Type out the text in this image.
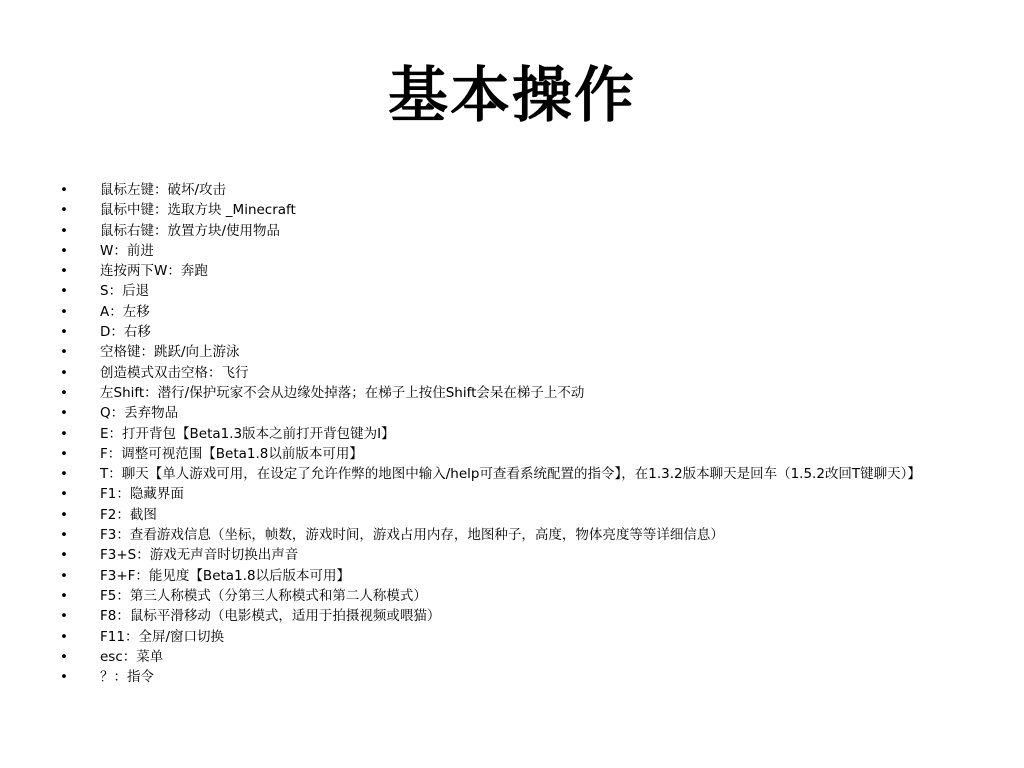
基本操作
• 鼠标左键：破坏/攻击
• 鼠标中键：选取方块 _Minecraft
• 鼠标右键：放置方块/使用物品
• W：前进
• 连按两下W：奔跑
• S：后退
• A：左移
• D：右移
• 空格键：跳跃/向上游泳
• 创造模式双击空格：飞行
• 左Shift：潜行/保护玩家不会从边缘处掉落；在梯子上按住Shift会呆在梯子上不动
• Q：丢弃物品
• E：打开背包【Beta1.3版本之前打开背包键为I】
• F：调整可视范围【Beta1.8以前版本可用】
• T：聊天【单人游戏可用，在设定了允许作弊的地图中输入/help可查看系统配置的指令】，在1.3.2版本聊天是回车（1.5.2改回T键聊天）】
• F1：隐藏界面
• F2：截图
• F3：查看游戏信息（坐标，帧数，游戏时间，游戏占用内存，地图种子，高度，物体亮度等等详细信息）
• F3+S：游戏无声音时切换出声音
• F3+F：能见度【Beta1.8以后版本可用】
• F5：第三人称模式（分第三人称模式和第二人称模式）
• F8：鼠标平滑移动（电影模式，适用于拍摄视频或喂猫）
• F11：全屏/窗口切换
• esc：菜单
• ？：指令
